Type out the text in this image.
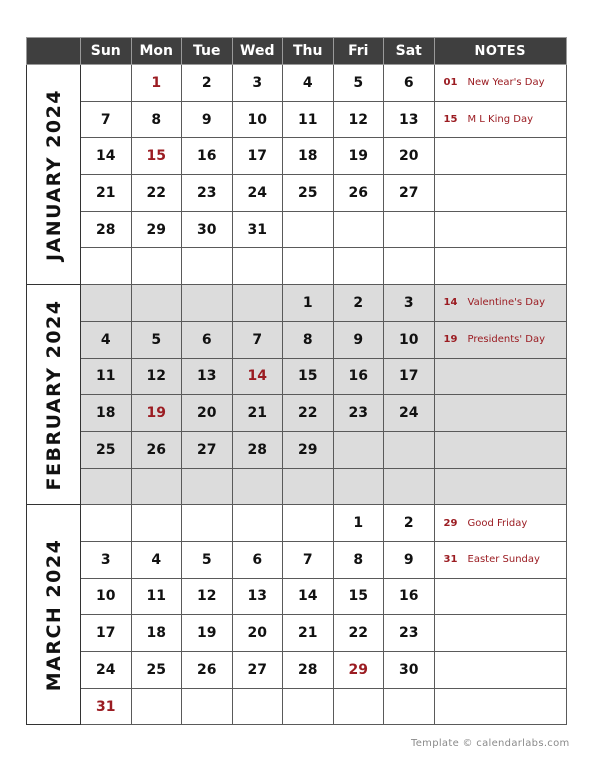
	Sun	Mon	Tue	Wed	Thu	Fri	Sat	NOTES

JANUARY 2024		1	2	3	4	5	6	01 New Year's Day
	7	8	9	10	11	12	13	15 M L King Day
	14	15	16	17	18	19	20	
	21	22	23	24	25	26	27	
	28	29	30	31				

FEBRUARY 2024					1	2	3	14 Valentine's Day
	4	5	6	7	8	9	10	19 Presidents' Day
	11	12	13	14	15	16	17	
	18	19	20	21	22	23	24	
	25	26	27	28	29			

MARCH 2024						1	2	29 Good Friday
	3	4	5	6	7	8	9	31 Easter Sunday
	10	11	12	13	14	15	16	
	17	18	19	20	21	22	23	
	24	25	26	27	28	29	30	
	31							
Template © calendarlabs.com
